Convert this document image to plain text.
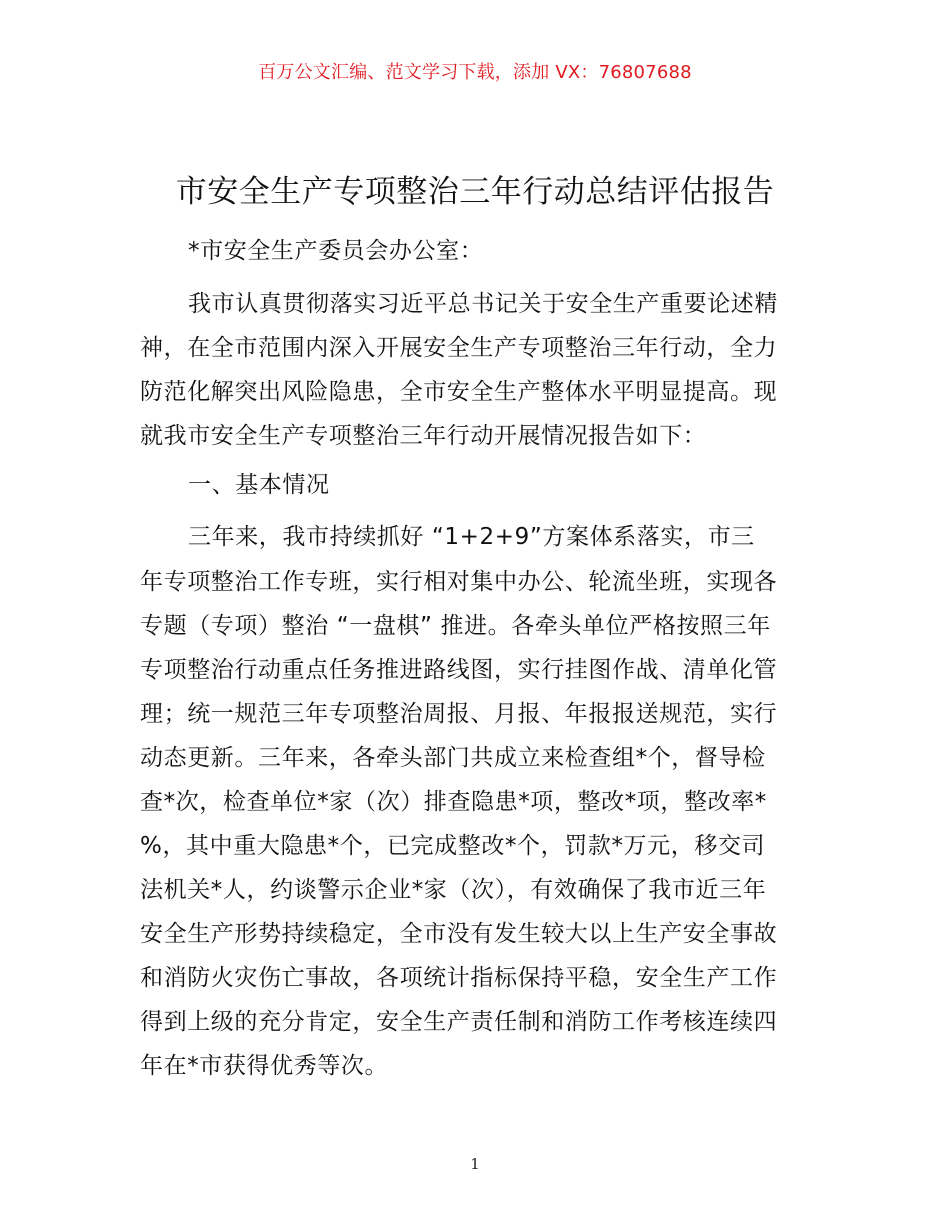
百万公文汇编、范文学习下载，添加 VX：76807688
市安全生产专项整治三年行动总结评估报告
*市安全生产委员会办公室：
我市认真贯彻落实习近平总书记关于安全生产重要论述精
神，在全市范围内深入开展安全生产专项整治三年行动，全力
防范化解突出风险隐患，全市安全生产整体水平明显提高。现
就我市安全生产专项整治三年行动开展情况报告如下：
一、基本情况
三年来，我市持续抓好 “1+2+9”方案体系落实，市三
年专项整治工作专班，实行相对集中办公、轮流坐班，实现各
专题（专项）整治 “一盘棋” 推进。各牵头单位严格按照三年
专项整治行动重点任务推进路线图，实行挂图作战、清单化管
理；统一规范三年专项整治周报、月报、年报报送规范，实行
动态更新。三年来，各牵头部门共成立来检查组*个，督导检
查*次，检查单位*家（次）排查隐患*项，整改*项，整改率*
%，其中重大隐患*个，已完成整改*个，罚款*万元，移交司
法机关*人，约谈警示企业*家（次），有效确保了我市近三年
安全生产形势持续稳定，全市没有发生较大以上生产安全事故
和消防火灾伤亡事故，各项统计指标保持平稳，安全生产工作
得到上级的充分肯定，安全生产责任制和消防工作考核连续四
年在*市获得优秀等次。
1
